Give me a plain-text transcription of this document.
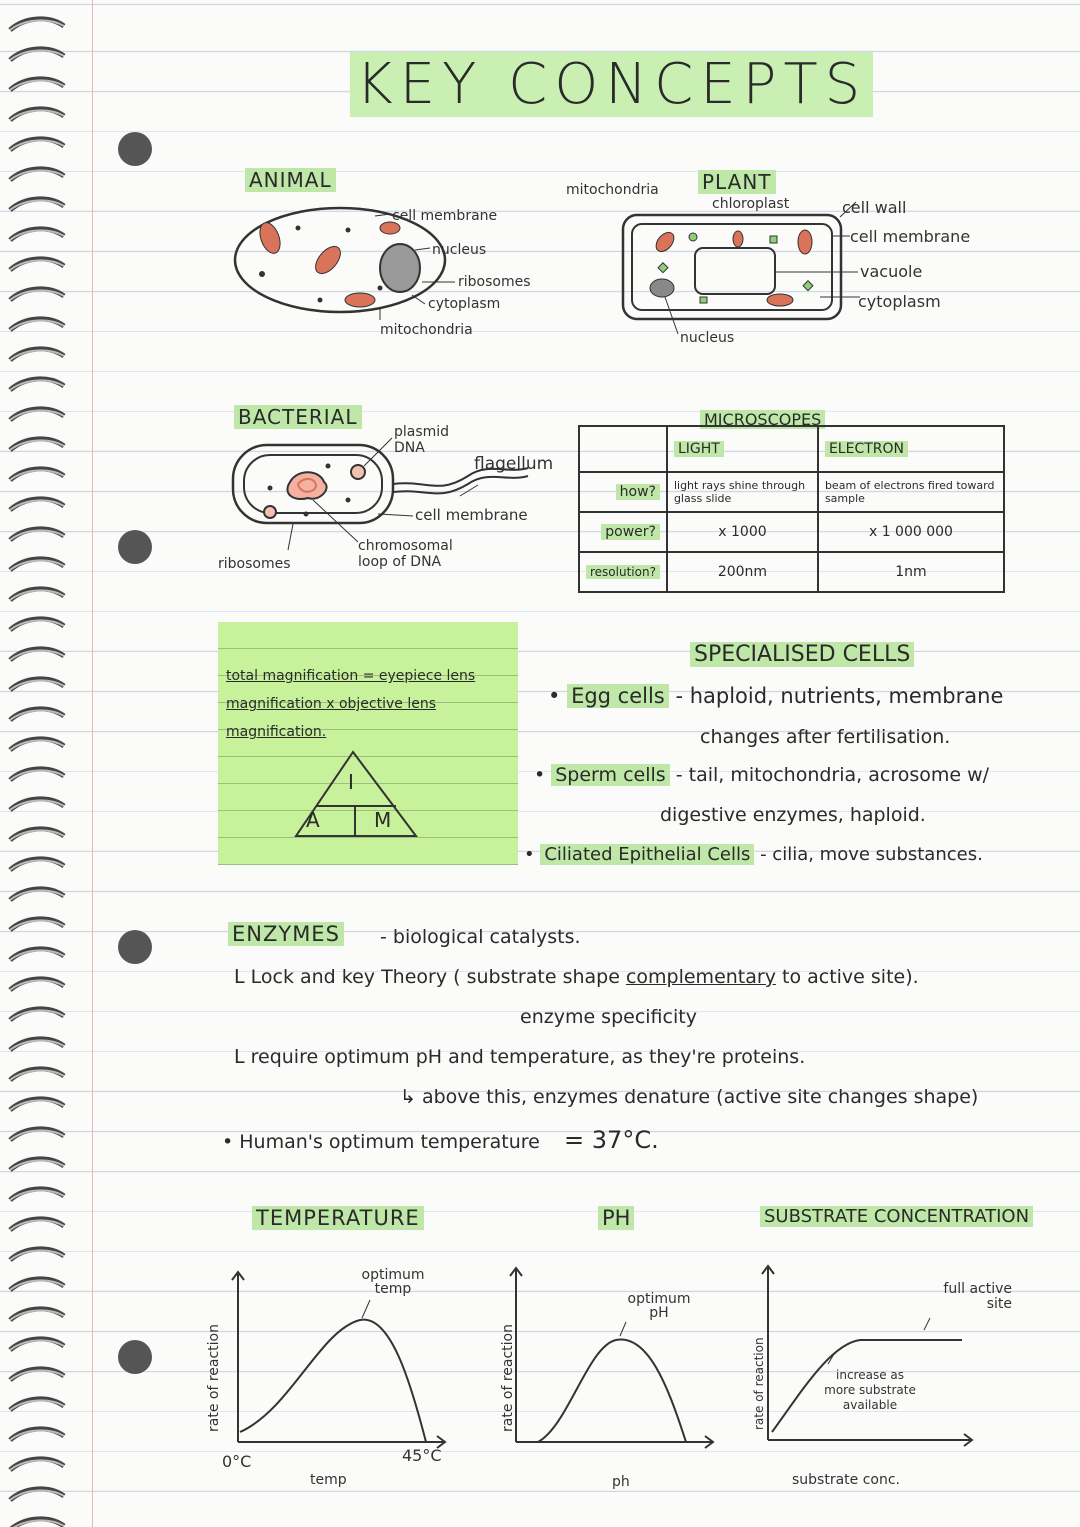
KEY CONCEPTS
ANIMAL
cell membrane
nucleus
ribosomes
cytoplasm
mitochondria
PLANT
mitochondria
chloroplast	cell wall
cell membrane
vacuole
cytoplasm
nucleus
BACTERIAL
plasmid DNA
flagellum
cell membrane
chromosomal loop of DNA
ribosomes
MICROSCOPES
	LIGHT	ELECTRON
how?	light rays shine through glass slide	beam of electrons fired toward sample

power?	x 1000	x 1 000 000
resolution?	200nm	1nm
total magnification = eyepiece lens
magnification x objective lens
magnification.
I
A	M
SPECIALISED CELLS
• Egg cells - haploid, nutrients, membrane
changes after fertilisation.
• Sperm cells - tail, mitochondria, acrosome w/
digestive enzymes, haploid.
• Ciliated Epithelial Cells - cilia, move substances.
ENZYMES - biological catalysts.
ᒪ Lock and key Theory ( substrate shape complementary to active site).
enzyme specificity
ᒪ require optimum pH and temperature, as they're proteins.
↳ above this, enzymes denature (active site changes shape)
• Human's optimum temperature = 37°C.
TEMPERATURE	PH	SUBSTRATE CONCENTRATION
rate of reaction
optimum temp
0°C	45°C
temp
rate of reaction
optimum pH
ph
rate of reaction
full active site
increase as more substrate available
substrate conc.
